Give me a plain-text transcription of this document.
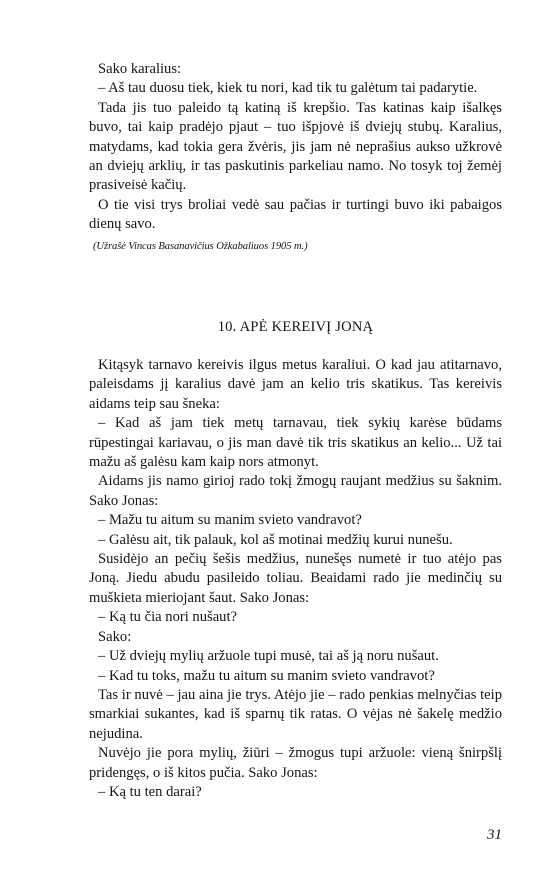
Sako karalius:

– Aš tau duosu tiek, kiek tu nori, kad tik tu galėtum tai padarytie.

Tada jis tuo paleido tą katiną iš krepšio. Tas katinas kaip išalkęs buvo, tai kaip pradėjo pjaut – tuo išpjovė iš dviejų stubų. Karalius, matydams, kad tokia gera žvėris, jis jam nė neprašius aukso užkrovė an dviejų arklių, ir tas paskutinis parkeliau namo. No tosyk toj žemėj prasiveisė kačių.

O tie visi trys broliai vedė sau pačias ir turtingi buvo iki pabaigos dienų savo.

(Užrašė Vincas Basanavičius Ožkabaliuos 1905 m.)

10. APĖ KEREIVĮ JONĄ

Kitąsyk tarnavo kereivis ilgus metus karaliui. O kad jau atitarnavo, paleisdams jį karalius davė jam an kelio tris skatikus. Tas kereivis aidams teip sau šneka:

– Kad aš jam tiek metų tarnavau, tiek sykių karėse būdams rūpestingai kariavau, o jis man davė tik tris skatikus an kelio... Už tai mažu aš galėsu kam kaip nors atmonyt.

Aidams jis namo girioj rado tokį žmogų raujant medžius su šaknim. Sako Jonas:

– Mažu tu aitum su manim svieto vandravot?

– Galėsu ait, tik palauk, kol aš motinai medžių kurui nunešu.

Susidėjo an pečių šešis medžius, nunešęs numetė ir tuo atėjo pas Joną. Jiedu abudu pasileido toliau. Beaidami rado jie medinčių su muškieta mieriojant šaut. Sako Jonas:

– Ką tu čia nori nušaut?

Sako:

– Už dviejų mylių aržuole tupi musė, tai aš ją noru nušaut.

– Kad tu toks, mažu tu aitum su manim svieto vandravot?

Tas ir nuvė – jau aina jie trys. Atėjo jie – rado penkias melnyčias teip smarkiai sukantes, kad iš sparnų tik ratas. O vėjas nė šakelę medžio nejudina.

Nuvėjo jie pora mylių, žiūri – žmogus tupi aržuole: vieną šnirpšlį pridengęs, o iš kitos pučia. Sako Jonas:

– Ką tu ten darai?

31
